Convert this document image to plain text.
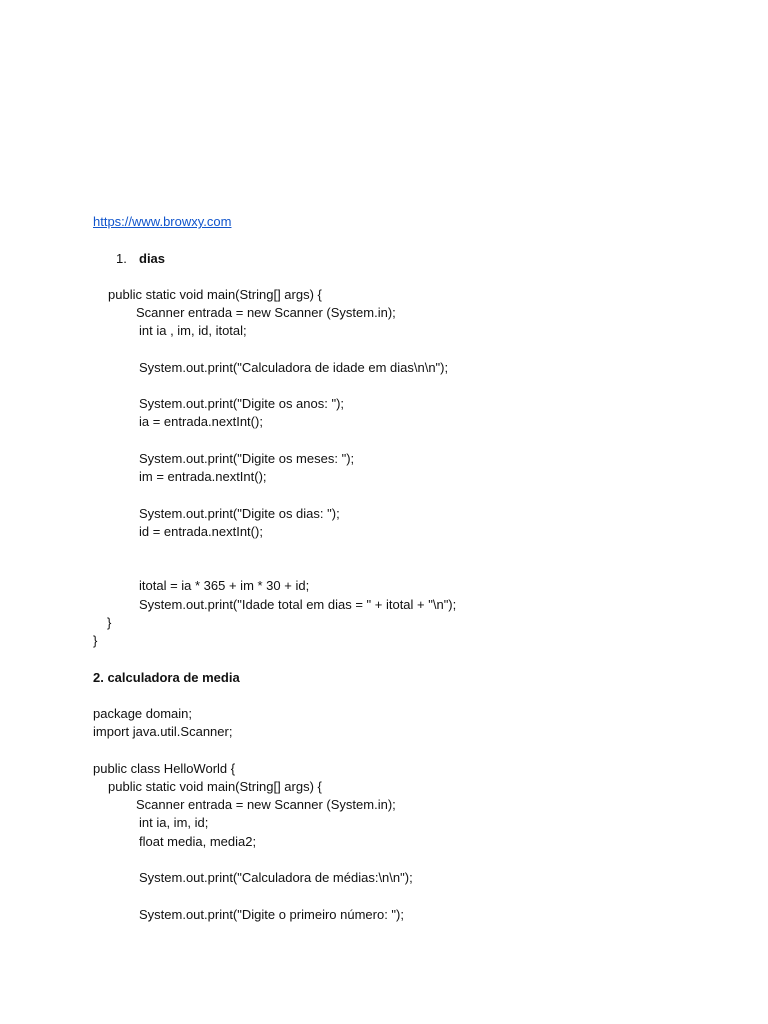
https://www.browxy.com
1. dias
public static void main(String[] args) {
Scanner entrada = new Scanner (System.in);
int ia , im, id, itotal;
System.out.print("Calculadora de idade em dias\n\n");
System.out.print("Digite os anos: ");
ia = entrada.nextInt();
System.out.print("Digite os meses: ");
im = entrada.nextInt();
System.out.print("Digite os dias: ");
id = entrada.nextInt();
itotal = ia * 365 + im * 30 + id;
System.out.print("Idade total em dias = " + itotal + "\n");
}
}
2. calculadora de media
package domain;
import java.util.Scanner;
public class HelloWorld {
public static void main(String[] args) {
Scanner entrada = new Scanner (System.in);
int ia, im, id;
float media, media2;
System.out.print("Calculadora de médias:\n\n");
System.out.print("Digite o primeiro número: ");
